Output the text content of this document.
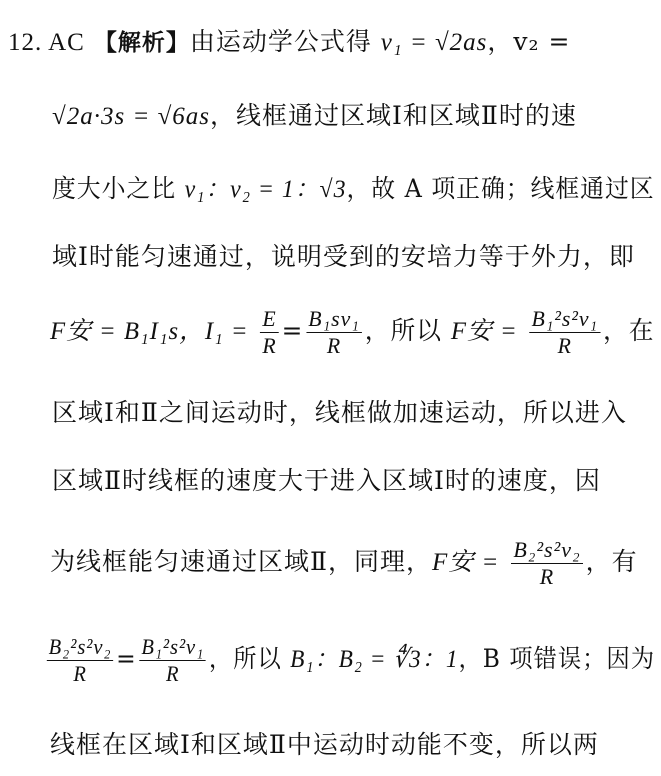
12. AC 【解析】由运动学公式得 v₁ = √2as，v₂ =
√2a·3s = √6as，线框通过区域Ⅰ和区域Ⅱ时的速
度大小之比 v₁：v₂ = 1：√3，故 A 项正确；线框通过区
域Ⅰ时能匀速通过，说明受到的安培力等于外力，即
F安 = B₁I₁s，$I_1 = \frac{E}{R} = \frac{\text{B₁sv₁}}{R}$ ，所以 F安 = $\frac{\text{B₁²s²v₁}}{R}$ ，在
区域Ⅰ和Ⅱ之间运动时，线框做加速运动，所以进入
区域Ⅱ时线框的速度大于进入区域Ⅰ时的速度，因
为线框能匀速通过区域Ⅱ，同理，F安 = $\frac{\text{B₂²s²v₂}}{R}$ ，有
$\frac{\text{B₂²s²v₂}}{R} = \frac{\text{B₁²s²v₁}}{R}$ ，所以 B₁：B₂ = ∜3：1，B 项错误；因为
线框在区域Ⅰ和区域Ⅱ中运动时动能不变，所以两
